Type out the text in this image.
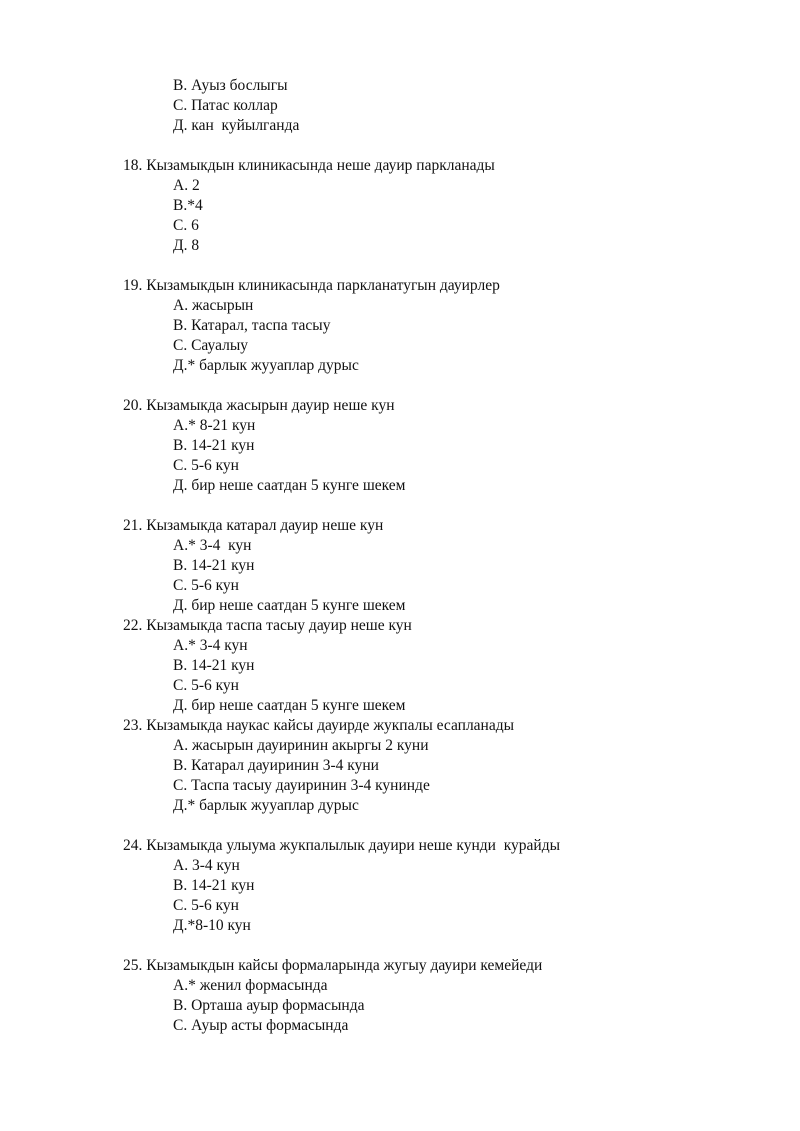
В. Ауыз бослыгы
С. Патас коллар
Д. кан  куйылганда
18. Кызамыкдын клиникасында неше дауир паркланады
А. 2
В.*4
С. 6
Д. 8
19. Кызамыкдын клиникасында паркланатугын дауирлер
А. жасырын
В. Катарал, таспа тасыу
С. Сауалыу
Д.* барлык жууаплар дурыс
20. Кызамыкда жасырын дауир неше кун
А.* 8-21 кун
В. 14-21 кун
С. 5-6 кун
Д. бир неше саатдан 5 кунге шекем
21. Кызамыкда катарал дауир неше кун
А.* 3-4  кун
В. 14-21 кун
С. 5-6 кун
Д. бир неше саатдан 5 кунге шекем
22. Кызамыкда таспа тасыу дауир неше кун
А.* 3-4 кун
В. 14-21 кун
С. 5-6 кун
Д. бир неше саатдан 5 кунге шекем
23. Кызамыкда наукас кайсы дауирде жукпалы есапланады
А. жасырын дауиринин акыргы 2 куни
В. Катарал дауиринин 3-4 куни
С. Таспа тасыу дауиринин 3-4 кунинде
Д.* барлык жууаплар дурыс
24. Кызамыкда улыума жукпалылык дауири неше кунди  курайды
А. 3-4 кун
В. 14-21 кун
С. 5-6 кун
Д.*8-10 кун
25. Кызамыкдын кайсы формаларында жугыу дауири кемейеди
А.* женил формасында
В. Орташа ауыр формасында
С. Ауыр асты формасында
